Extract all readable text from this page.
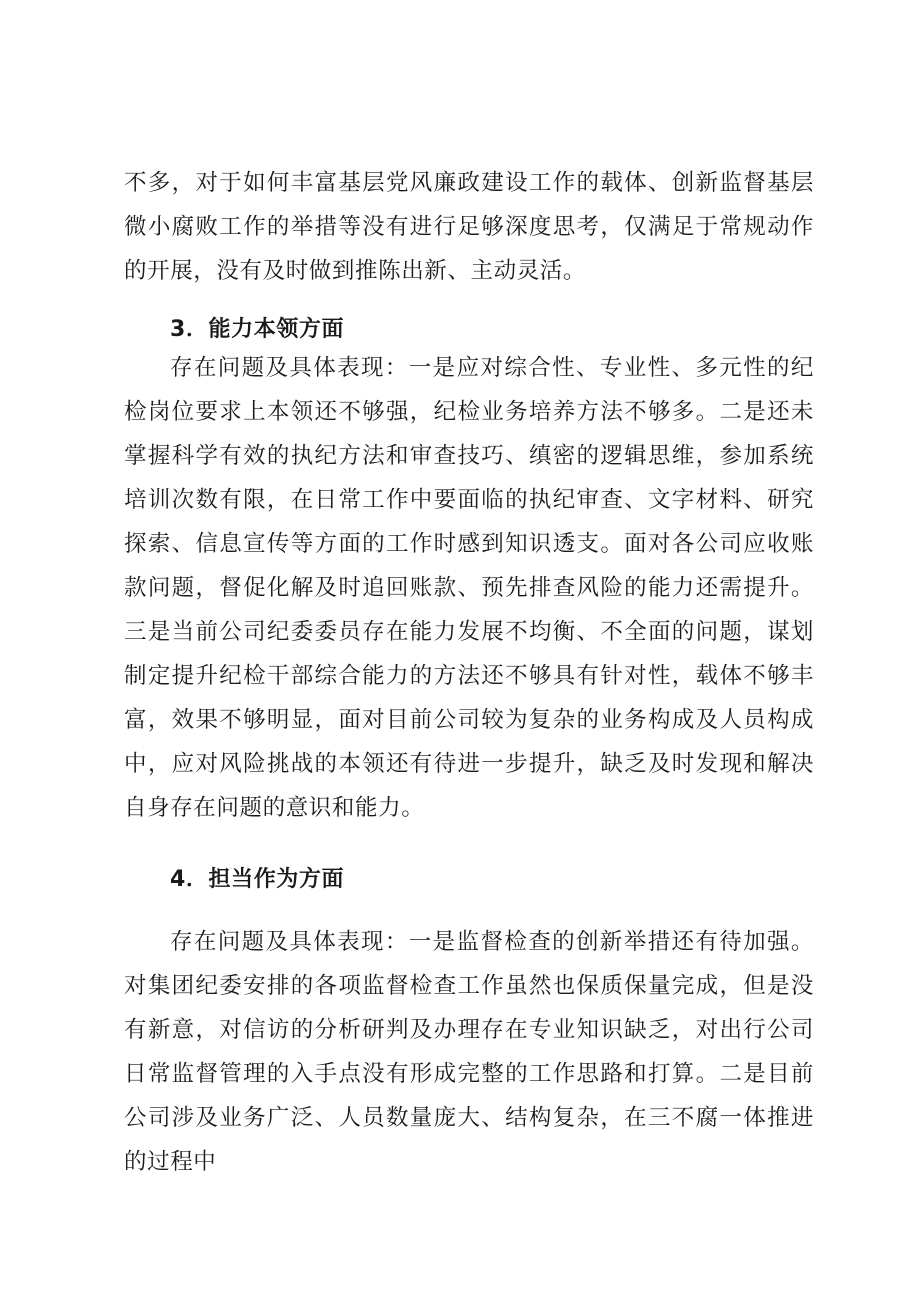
不多，对于如何丰富基层党风廉政建设工作的载体、创新监督基层微小腐败工作的举措等没有进行足够深度思考，仅满足于常规动作的开展，没有及时做到推陈出新、主动灵活。

3．能力本领方面

存在问题及具体表现：一是应对综合性、专业性、多元性的纪检岗位要求上本领还不够强，纪检业务培养方法不够多。二是还未掌握科学有效的执纪方法和审查技巧、缜密的逻辑思维，参加系统培训次数有限，在日常工作中要面临的执纪审查、文字材料、研究探索、信息宣传等方面的工作时感到知识透支。面对各公司应收账款问题，督促化解及时追回账款、预先排查风险的能力还需提升。三是当前公司纪委委员存在能力发展不均衡、不全面的问题，谋划制定提升纪检干部综合能力的方法还不够具有针对性，载体不够丰富，效果不够明显，面对目前公司较为复杂的业务构成及人员构成中，应对风险挑战的本领还有待进一步提升，缺乏及时发现和解决自身存在问题的意识和能力。

4．担当作为方面

存在问题及具体表现：一是监督检查的创新举措还有待加强。对集团纪委安排的各项监督检查工作虽然也保质保量完成，但是没有新意，对信访的分析研判及办理存在专业知识缺乏，对出行公司日常监督管理的入手点没有形成完整的工作思路和打算。二是目前公司涉及业务广泛、人员数量庞大、结构复杂，在三不腐一体推进的过程中
